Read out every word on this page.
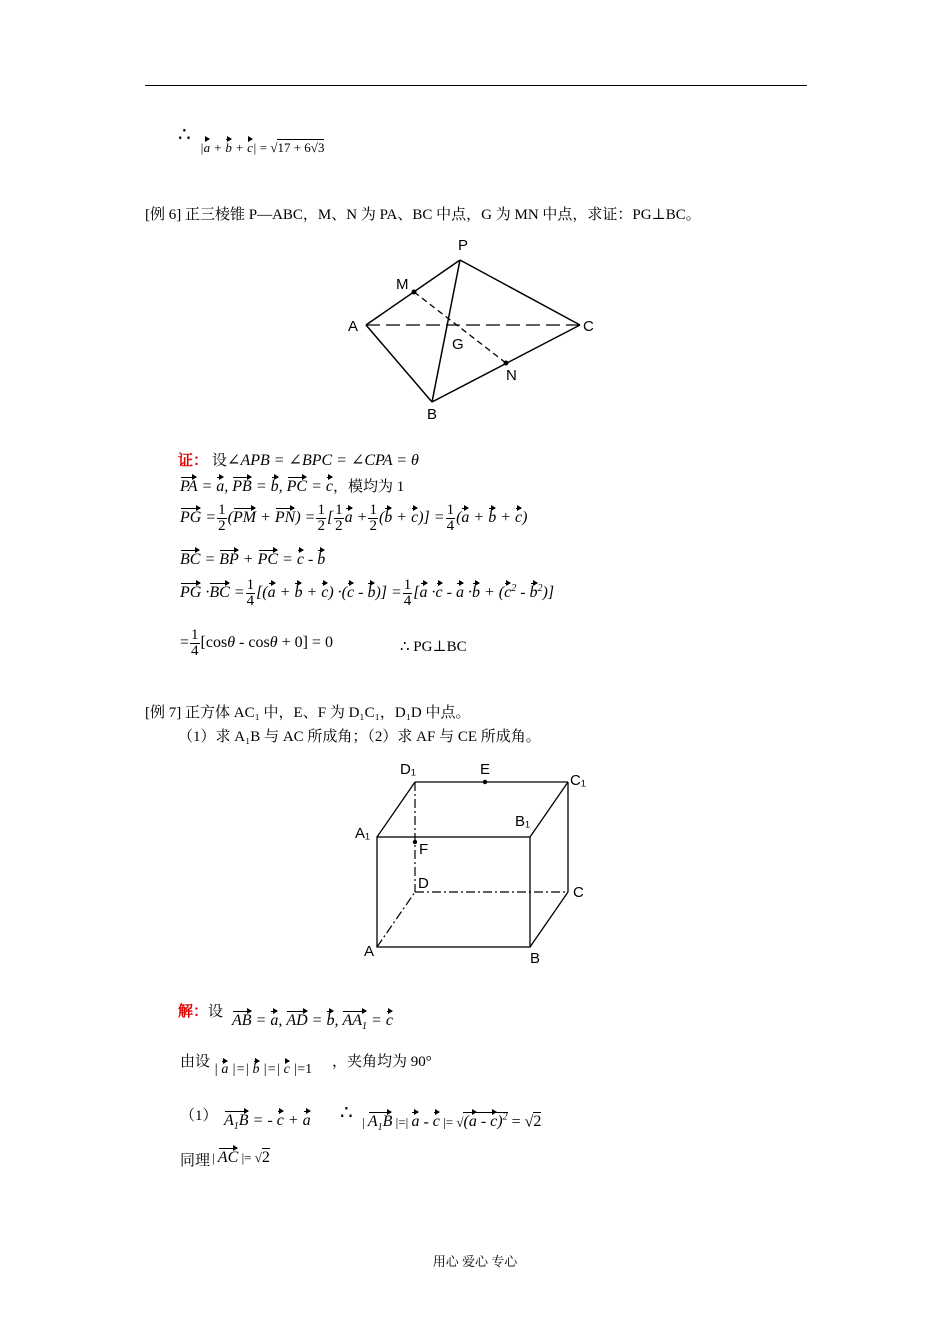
∴
|a + b + c| = √17 + 6√3
[例 6] 正三棱锥 P—ABC，M、N 为 PA、BC 中点，G 为 MN 中点，求证：PG⊥BC。
P
M
A	C
G
N
B
证： 设∠APB = ∠BPC = ∠CPA = θ
PA = a, PB = b, PC = c，模均为 1
PG = $\frac{1}{2} (PM + PN) = \frac{1}{2}$ [ $\frac{1}{2}$ $a + \frac{1}{2} (b + c)] = \frac{1}{4} (a + b + c)$
BC = BP + PC = c - b
PG $\cdot BC = \frac{1}{4} [(a + b + c) \cdot(c - b)] = \frac{1}{4} [a \cdot c - a \cdot b + (c^2 - b^2)]$
= $\frac{1}{4} [\cos\theta - \cos\theta + 0] = 0$	∴ PG⊥BC
[例 7] 正方体 AC₁ 中，E、F 为 D₁C₁，D₁D 中点。
（1）求 A₁B 与 AC 所成角；（2）求 AF 与 CE 所成角。
D₁	E
C₁
A₁
B₁
F
D
C
A	B
解：设 AB = a, AD = b, $AA_1 = c$
由设 | a |=| b |=| c |=1 ，夹角均为 90°
（1） $A_1B$ = - c + a ∴ | $A_1B$ |=| a - c |= √(a - c)$^2$ = √2
同理 | AC |= √2
用心 爱心 专心
